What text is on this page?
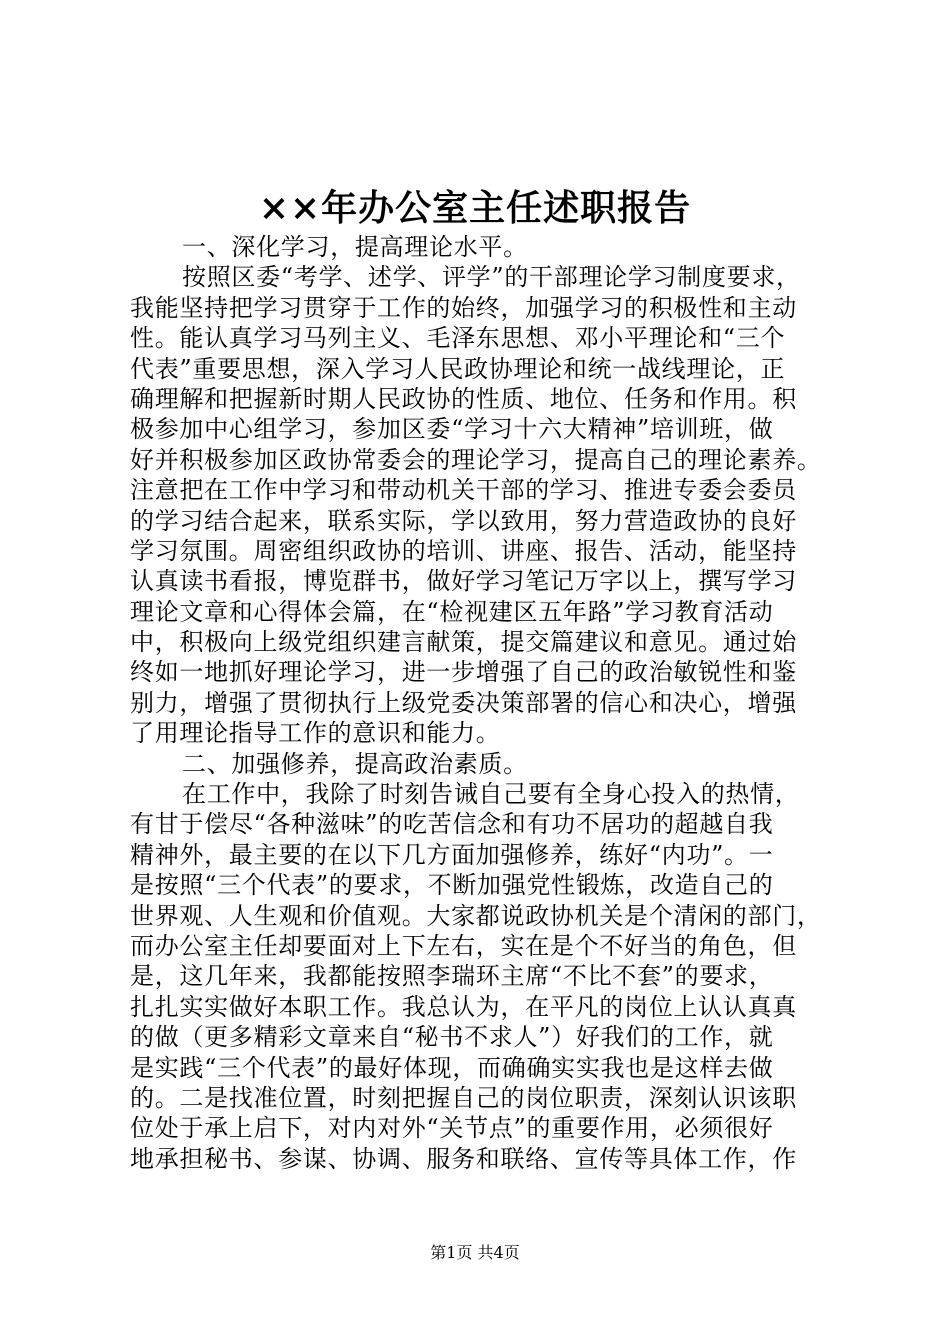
××年办公室主任述职报告
一、深化学习，提高理论水平。
按照区委“考学、述学、评学”的干部理论学习制度要求，
我能坚持把学习贯穿于工作的始终，加强学习的积极性和主动
性。能认真学习马列主义、毛泽东思想、邓小平理论和“三个
代表”重要思想，深入学习人民政协理论和统一战线理论，正
确理解和把握新时期人民政协的性质、地位、任务和作用。积
极参加中心组学习，参加区委“学习十六大精神”培训班，做
好并积极参加区政协常委会的理论学习，提高自己的理论素养。
注意把在工作中学习和带动机关干部的学习、推进专委会委员
的学习结合起来，联系实际，学以致用，努力营造政协的良好
学习氛围。周密组织政协的培训、讲座、报告、活动，能坚持
认真读书看报，博览群书，做好学习笔记万字以上，撰写学习
理论文章和心得体会篇，在“检视建区五年路”学习教育活动
中，积极向上级党组织建言献策，提交篇建议和意见。通过始
终如一地抓好理论学习，进一步增强了自己的政治敏锐性和鉴
别力，增强了贯彻执行上级党委决策部署的信心和决心，增强
了用理论指导工作的意识和能力。
二、加强修养，提高政治素质。
在工作中，我除了时刻告诫自己要有全身心投入的热情，
有甘于偿尽“各种滋味”的吃苦信念和有功不居功的超越自我
精神外，最主要的在以下几方面加强修养，练好“内功”。一
是按照“三个代表”的要求，不断加强党性锻炼，改造自己的
世界观、人生观和价值观。大家都说政协机关是个清闲的部门，
而办公室主任却要面对上下左右，实在是个不好当的角色，但
是，这几年来，我都能按照李瑞环主席“不比不套”的要求，
扎扎实实做好本职工作。我总认为，在平凡的岗位上认认真真
的做（更多精彩文章来自“秘书不求人”）好我们的工作，就
是实践“三个代表”的最好体现，而确确实实我也是这样去做
的。二是找准位置，时刻把握自己的岗位职责，深刻认识该职
位处于承上启下，对内对外“关节点”的重要作用，必须很好
地承担秘书、参谋、协调、服务和联络、宣传等具体工作，作
第1页 共4页
